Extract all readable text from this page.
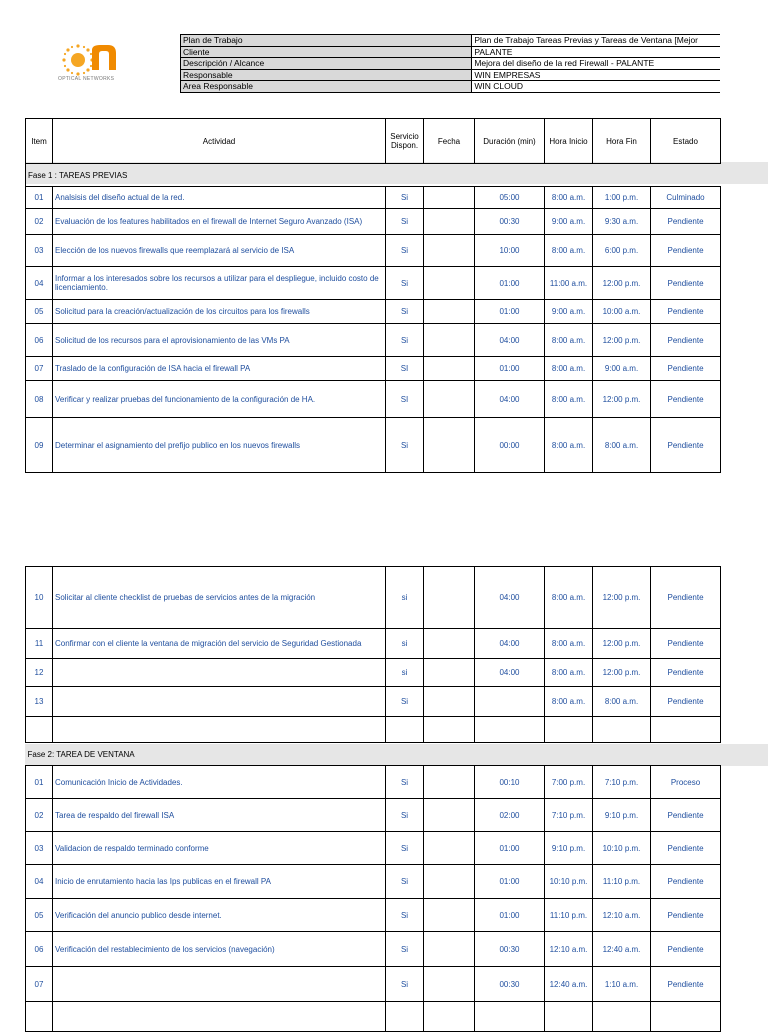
OPTICAL NETWORKS
Plan de Trabajo	Plan de Trabajo Tareas Previas y Tareas de Ventana [Mejor
Cliente	PALANTE
Descripción / Alcance	Mejora del diseño de la red Firewall - PALANTE
Responsable	WIN EMPRESAS
Area Responsable	WIN CLOUD
Item	Actividad	Servicio Dispon.	Fecha	Duración (min)	Hora Inicio	Hora Fin	Estado
Fase 1 : TAREAS PREVIAS							
01	Analsisis del diseño actual de la red.	Si		05:00	8:00 a.m.	1:00 p.m.	Culminado
02	Evaluación de los features habilitados en el firewall de Internet Seguro Avanzado (ISA)	Si		00:30	9:00 a.m.	9:30 a.m.	Pendiente
03	Elección de los nuevos firewalls que reemplazará al servicio de ISA	Si		10:00	8:00 a.m.	6:00 p.m.	Pendiente
04	Informar a los interesados sobre los recursos a utilizar para el despliegue, incluido costo de licenciamiento.	Si		01:00	11:00 a.m.	12:00 p.m.	Pendiente
05	Solicitud para la creación/actualización de los circuitos para los firewalls	Si		01:00	9:00 a.m.	10:00 a.m.	Pendiente
06	Solicitud de los recursos para el aprovisionamiento de las VMs PA	Si		04:00	8:00 a.m.	12:00 p.m.	Pendiente
07	Traslado de la configuración de ISA hacia el firewall PA	SI		01:00	8:00 a.m.	9:00 a.m.	Pendiente
08	Verificar y realizar pruebas del funcionamiento de la configuración de HA.	SI		04:00	8:00 a.m.	12:00 p.m.	Pendiente
09	Determinar el asignamiento del prefijo publico en los nuevos firewalls	Si		00:00	8:00 a.m.	8:00 a.m.	Pendiente
10	Solicitar al cliente checklist de pruebas de servicios antes de la migración	si		04:00	8:00 a.m.	12:00 p.m.	Pendiente
11	Confirmar con el cliente la ventana de migración del servicio de Seguridad Gestionada	si		04:00	8:00 a.m.	12:00 p.m.	Pendiente
12		si		04:00	8:00 a.m.	12:00 p.m.	Pendiente
13		Si			8:00 a.m.	8:00 a.m.	Pendiente

Fase 2: TAREA DE VENTANA							
01	Comunicación Inicio de Actividades.	Si		00:10	7:00 p.m.	7:10 p.m.	Proceso
02	Tarea de respaldo del firewall ISA	Si		02:00	7:10 p.m.	9:10 p.m.	Pendiente
03	Validacion de respaldo terminado conforme	Si		01:00	9:10 p.m.	10:10 p.m.	Pendiente
04	Inicio de enrutamiento hacia las Ips publicas en el firewall PA	Si		01:00	10:10 p.m.	11:10 p.m.	Pendiente
05	Verificación del anuncio publico desde internet.	Si		01:00	11:10 p.m.	12:10 a.m.	Pendiente
06	Verificación del restablecimiento de los servicios (navegación)	Si		00:30	12:10 a.m.	12:40 a.m.	Pendiente
07		Si		00:30	12:40 a.m.	1:10 a.m.	Pendiente
